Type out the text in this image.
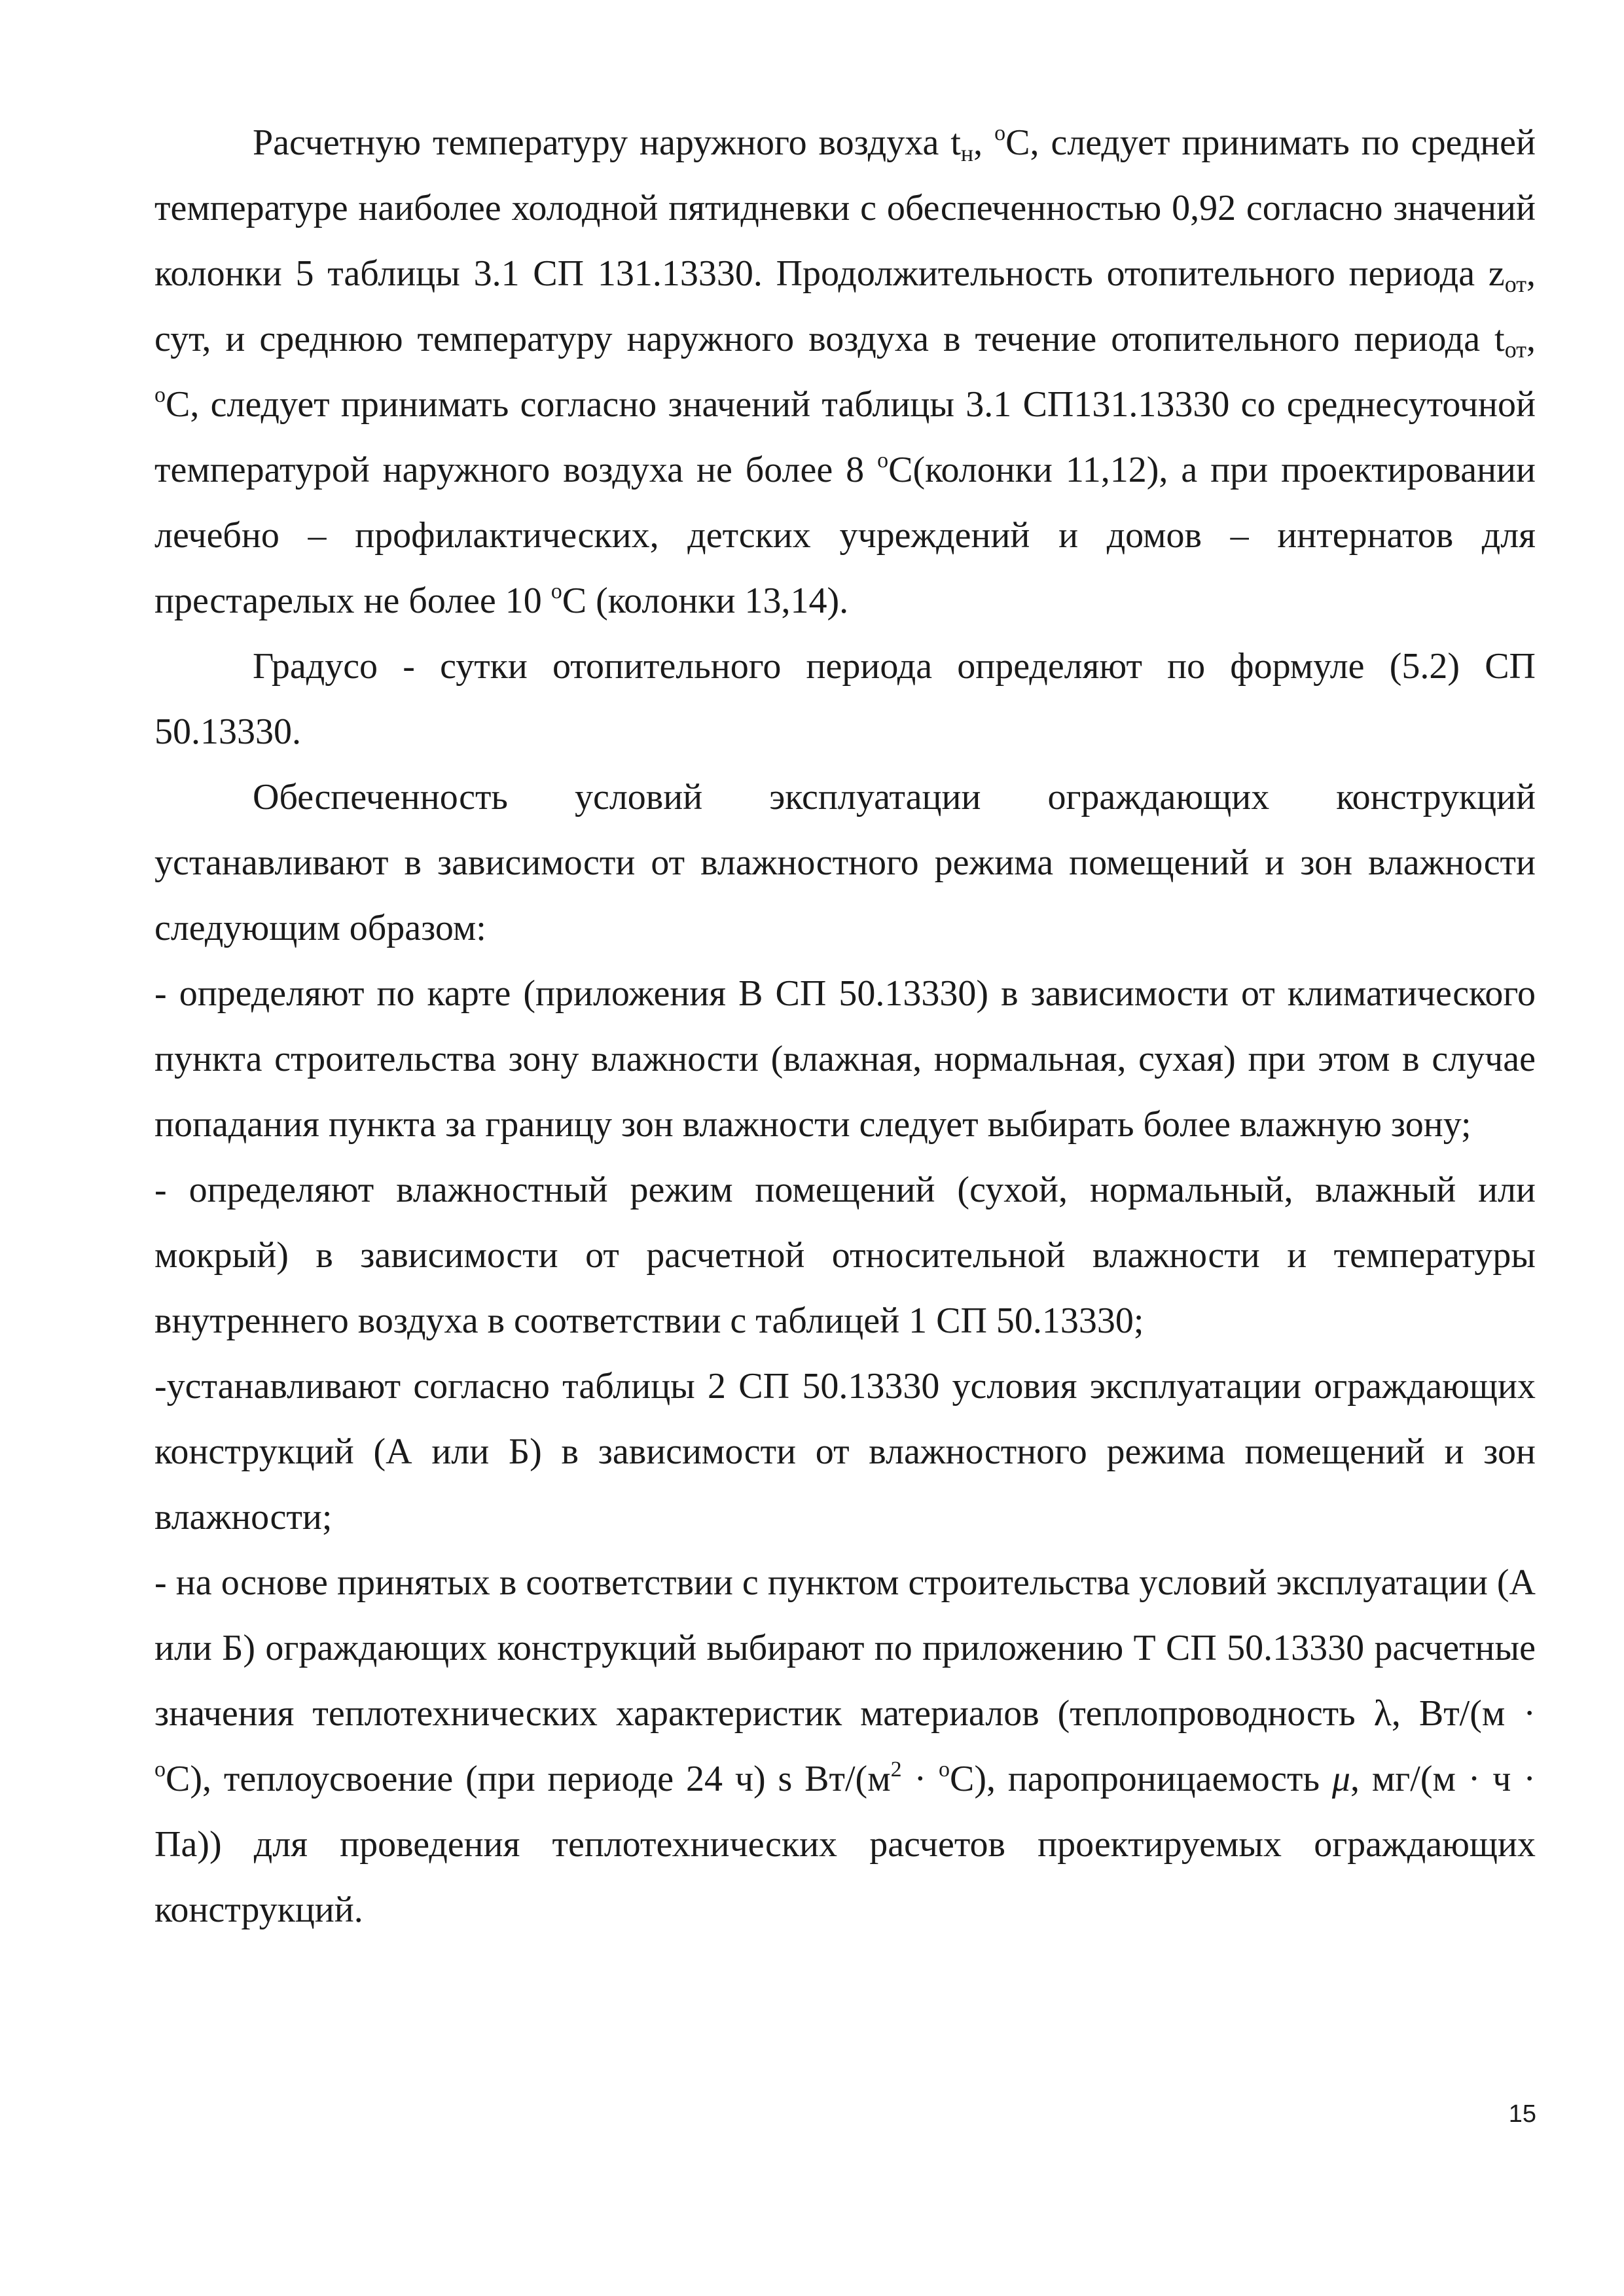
Расчетную температуру наружного воздуха $t_н$, $^о$С, следует принимать по средней температуре наиболее холодной пятидневки с обеспеченностью 0,92 согласно значений колонки 5 таблицы 3.1 СП 131.13330. Продолжительность отопительного периода $z_{от}$, сут, и среднюю температуру наружного воздуха в течение отопительного периода $t_{от}$, $^о$С, следует принимать согласно значений таблицы 3.1 СП131.13330 со среднесуточной температурой наружного воздуха не более 8 $^о$С(колонки 11,12), а при проектировании лечебно – профилактических, детских учреждений и домов – интернатов для престарелых не более 10 $^о$С (колонки 13,14).

Градусо - сутки отопительного периода определяют по формуле (5.2) СП 50.13330.

Обеспеченность условий эксплуатации ограждающих конструкций устанавливают в зависимости от влажностного режима помещений и зон влажности следующим образом:

- определяют по карте (приложения В СП 50.13330) в зависимости от климатического пункта строительства зону влажности (влажная, нормальная, сухая) при этом в случае попадания пункта за границу зон влажности следует выбирать более влажную зону;

- определяют влажностный режим помещений (сухой, нормальный, влажный или мокрый) в зависимости от расчетной относительной влажности и температуры внутреннего воздуха в соответствии с таблицей 1 СП 50.13330;

-устанавливают согласно таблицы 2 СП 50.13330 условия эксплуатации ограждающих конструкций (А или Б) в зависимости от влажностного режима помещений и зон влажности;

- на основе принятых в соответствии с пунктом строительства условий эксплуатации (А или Б) ограждающих конструкций выбирают по приложению Т СП 50.13330 расчетные значения теплотехнических характеристик материалов (теплопроводность λ, Вт/(м · $^о$С), теплоусвоение (при периоде 24 ч) s $Вт/(м^2 \cdot ^оС)$, паропроницаемость μ, мг/(м · ч · Па)) для проведения теплотехнических расчетов проектируемых ограждающих конструкций.

15
